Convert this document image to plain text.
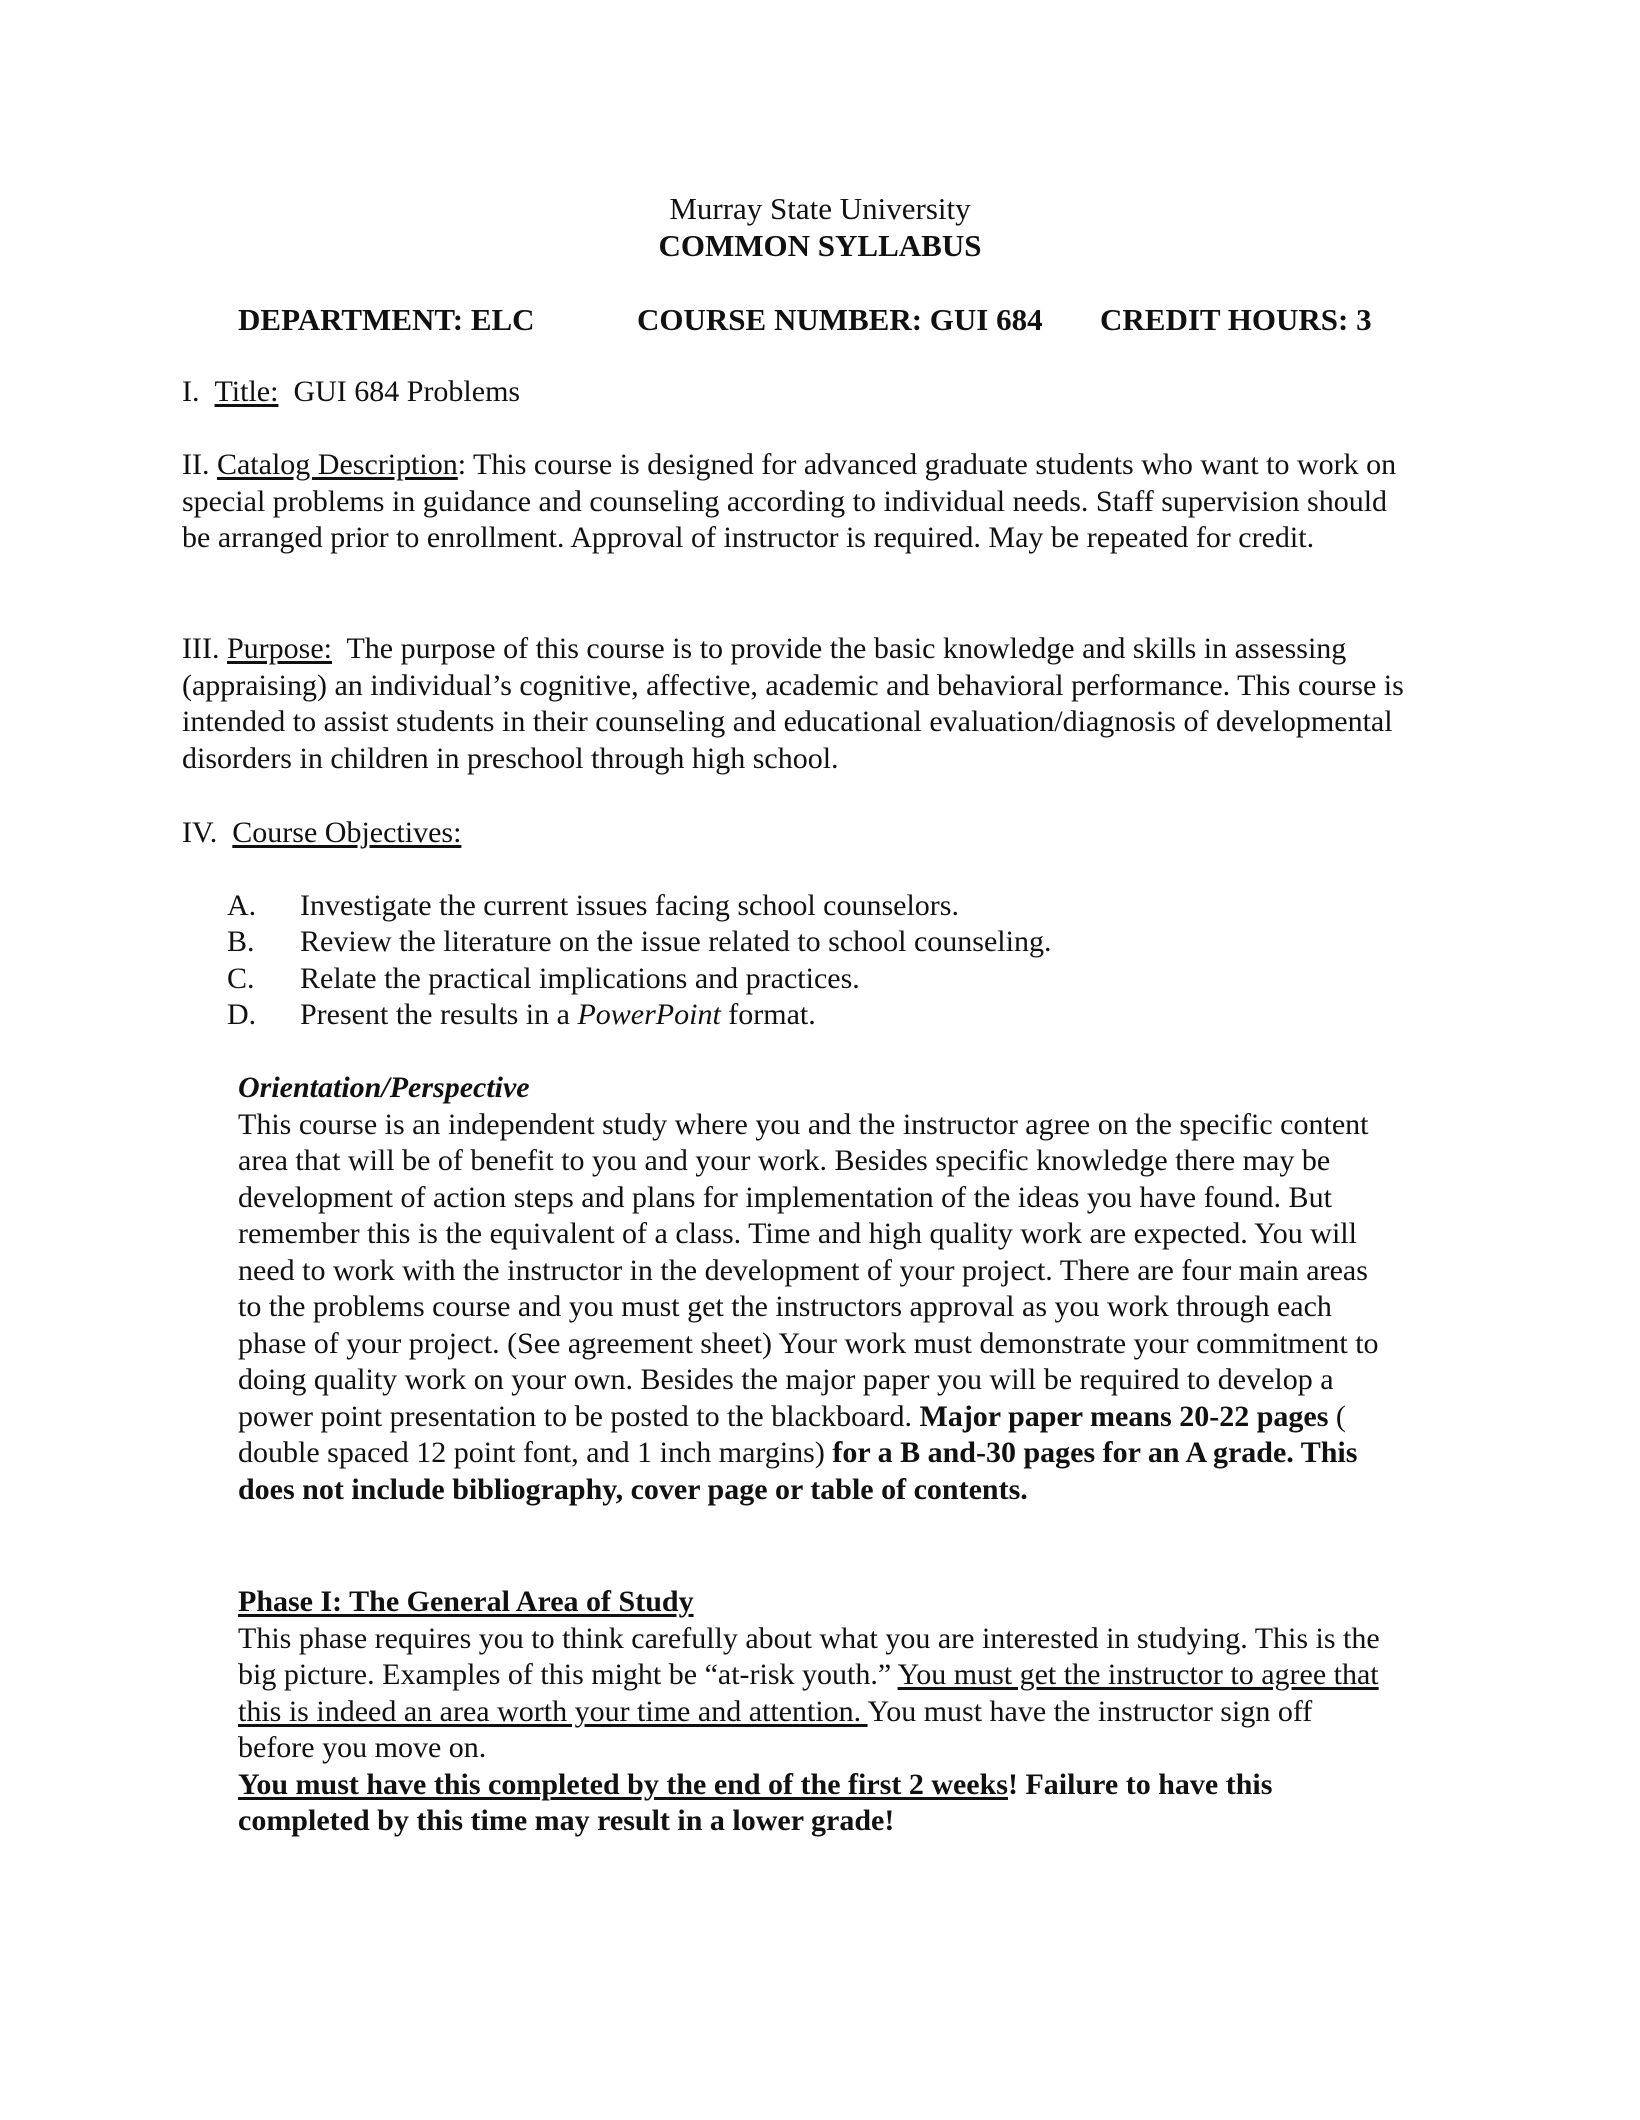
Murray State University
COMMON SYLLABUS
DEPARTMENT: ELC	COURSE NUMBER: GUI 684 CREDIT HOURS: 3
I. Title: GUI 684 Problems

II. Catalog Description: This course is designed for advanced graduate students who want to work on special problems in guidance and counseling according to individual needs. Staff supervision should be arranged prior to enrollment. Approval of instructor is required. May be repeated for credit.

III. Purpose: The purpose of this course is to provide the basic knowledge and skills in assessing (appraising) an individual’s cognitive, affective, academic and behavioral performance. This course is intended to assist students in their counseling and educational evaluation/diagnosis of developmental disorders in children in preschool through high school.

IV. Course Objectives:
A. Investigate the current issues facing school counselors.
B. Review the literature on the issue related to school counseling.
C. Relate the practical implications and practices.
D. Present the results in a PowerPoint format.

Orientation/Perspective

This course is an independent study where you and the instructor agree on the specific content area that will be of benefit to you and your work. Besides specific knowledge there may be development of action steps and plans for implementation of the ideas you have found. But remember this is the equivalent of a class. Time and high quality work are expected. You will need to work with the instructor in the development of your project. There are four main areas to the problems course and you must get the instructors approval as you work through each phase of your project. (See agreement sheet) Your work must demonstrate your commitment to doing quality work on your own. Besides the major paper you will be required to develop a power point presentation to be posted to the blackboard. Major paper means 20-22 pages ( double spaced 12 point font, and 1 inch margins) for a B and-30 pages for an A grade. This does not include bibliography, cover page or table of contents.

Phase I: The General Area of Study

This phase requires you to think carefully about what you are interested in studying. This is the big picture. Examples of this might be “at-risk youth.” You must get the instructor to agree that this is indeed an area worth your time and attention. You must have the instructor sign off before you move on.

You must have this completed by the end of the first 2 weeks! Failure to have this completed by this time may result in a lower grade!
